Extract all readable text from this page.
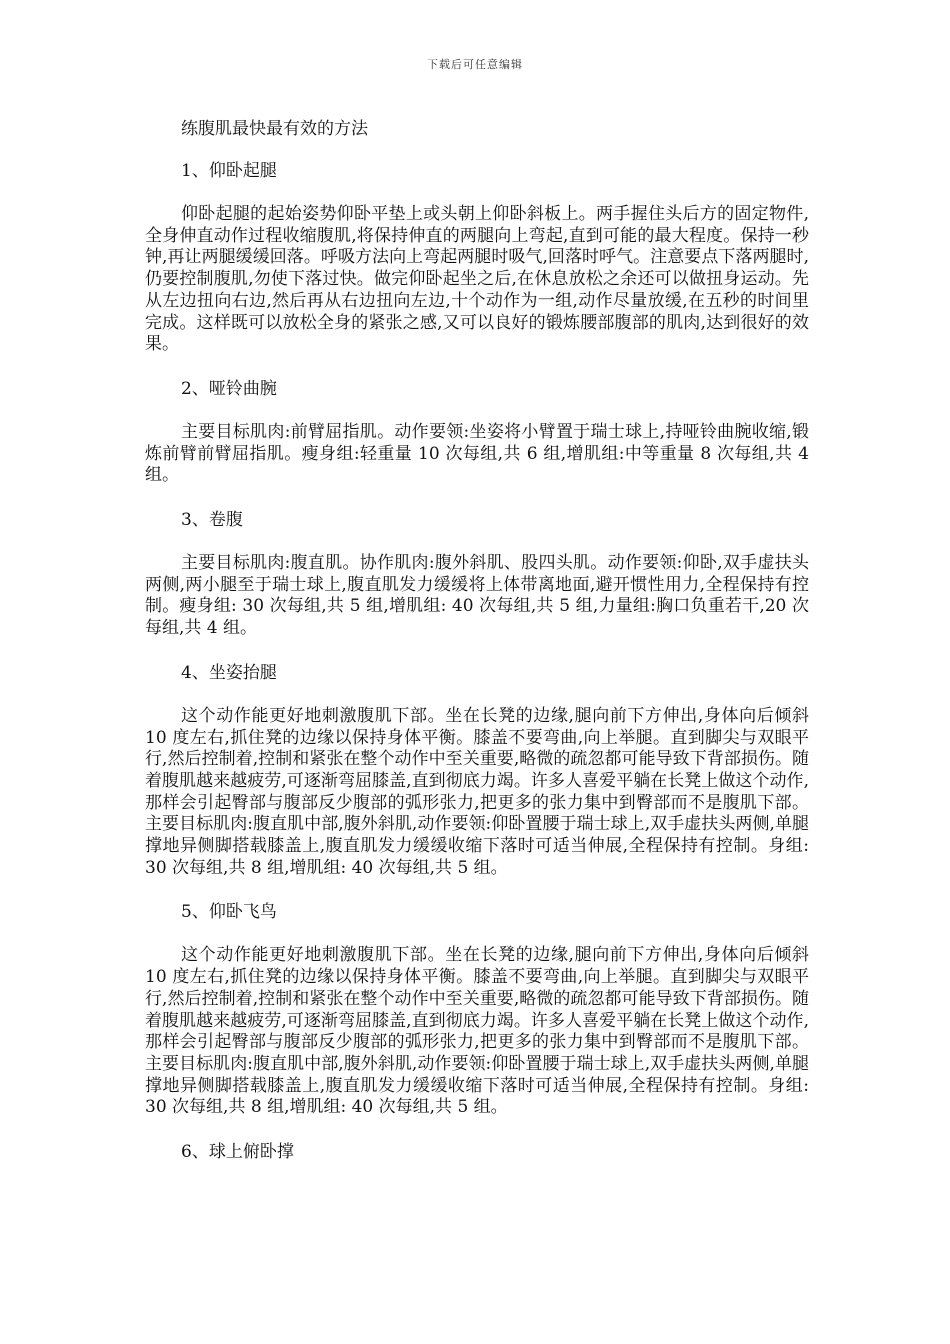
下载后可任意编辑

练腹肌最快最有效的方法

1、仰卧起腿

仰卧起腿的起始姿势仰卧平垫上或头朝上仰卧斜板上。两手握住头后方的固定物件,全身伸直动作过程收缩腹肌,将保持伸直的两腿向上弯起,直到可能的最大程度。保持一秒钟,再让两腿缓缓回落。呼吸方法向上弯起两腿时吸气,回落时呼气。注意要点下落两腿时,仍要控制腹肌,勿使下落过快。做完仰卧起坐之后,在休息放松之余还可以做扭身运动。先从左边扭向右边,然后再从右边扭向左边,十个动作为一组,动作尽量放缓,在五秒的时间里完成。这样既可以放松全身的紧张之感,又可以良好的锻炼腰部腹部的肌肉,达到很好的效果。

2、哑铃曲腕

主要目标肌肉:前臂屈指肌。动作要领:坐姿将小臂置于瑞士球上,持哑铃曲腕收缩,锻炼前臂前臂屈指肌。瘦身组:轻重量 10 次每组,共 6 组,增肌组:中等重量 8 次每组,共 4 组。

3、卷腹

主要目标肌肉:腹直肌。协作肌肉:腹外斜肌、股四头肌。动作要领:仰卧,双手虚扶头两侧,两小腿至于瑞士球上,腹直肌发力缓缓将上体带离地面,避开惯性用力,全程保持有控制。瘦身组: 30 次每组,共 5 组,增肌组: 40 次每组,共 5 组,力量组:胸口负重若干,20 次每组,共 4 组。

4、坐姿抬腿

这个动作能更好地刺激腹肌下部。坐在长凳的边缘,腿向前下方伸出,身体向后倾斜 10 度左右,抓住凳的边缘以保持身体平衡。膝盖不要弯曲,向上举腿。直到脚尖与双眼平行,然后控制着,控制和紧张在整个动作中至关重要,略微的疏忽都可能导致下背部损伤。随着腹肌越来越疲劳,可逐渐弯屈膝盖,直到彻底力竭。许多人喜爱平躺在长凳上做这个动作,那样会引起臀部与腹部反少腹部的弧形张力,把更多的张力集中到臀部而不是腹肌下部。主要目标肌肉:腹直肌中部,腹外斜肌,动作要领:仰卧置腰于瑞士球上,双手虚扶头两侧,单腿撑地异侧脚搭载膝盖上,腹直肌发力缓缓收缩下落时可适当伸展,全程保持有控制。身组: 30 次每组,共 8 组,增肌组: 40 次每组,共 5 组。

5、仰卧飞鸟

这个动作能更好地刺激腹肌下部。坐在长凳的边缘,腿向前下方伸出,身体向后倾斜 10 度左右,抓住凳的边缘以保持身体平衡。膝盖不要弯曲,向上举腿。直到脚尖与双眼平行,然后控制着,控制和紧张在整个动作中至关重要,略微的疏忽都可能导致下背部损伤。随着腹肌越来越疲劳,可逐渐弯屈膝盖,直到彻底力竭。许多人喜爱平躺在长凳上做这个动作,那样会引起臀部与腹部反少腹部的弧形张力,把更多的张力集中到臀部而不是腹肌下部。主要目标肌肉:腹直肌中部,腹外斜肌,动作要领:仰卧置腰于瑞士球上,双手虚扶头两侧,单腿撑地异侧脚搭载膝盖上,腹直肌发力缓缓收缩下落时可适当伸展,全程保持有控制。身组: 30 次每组,共 8 组,增肌组: 40 次每组,共 5 组。

6、球上俯卧撑
